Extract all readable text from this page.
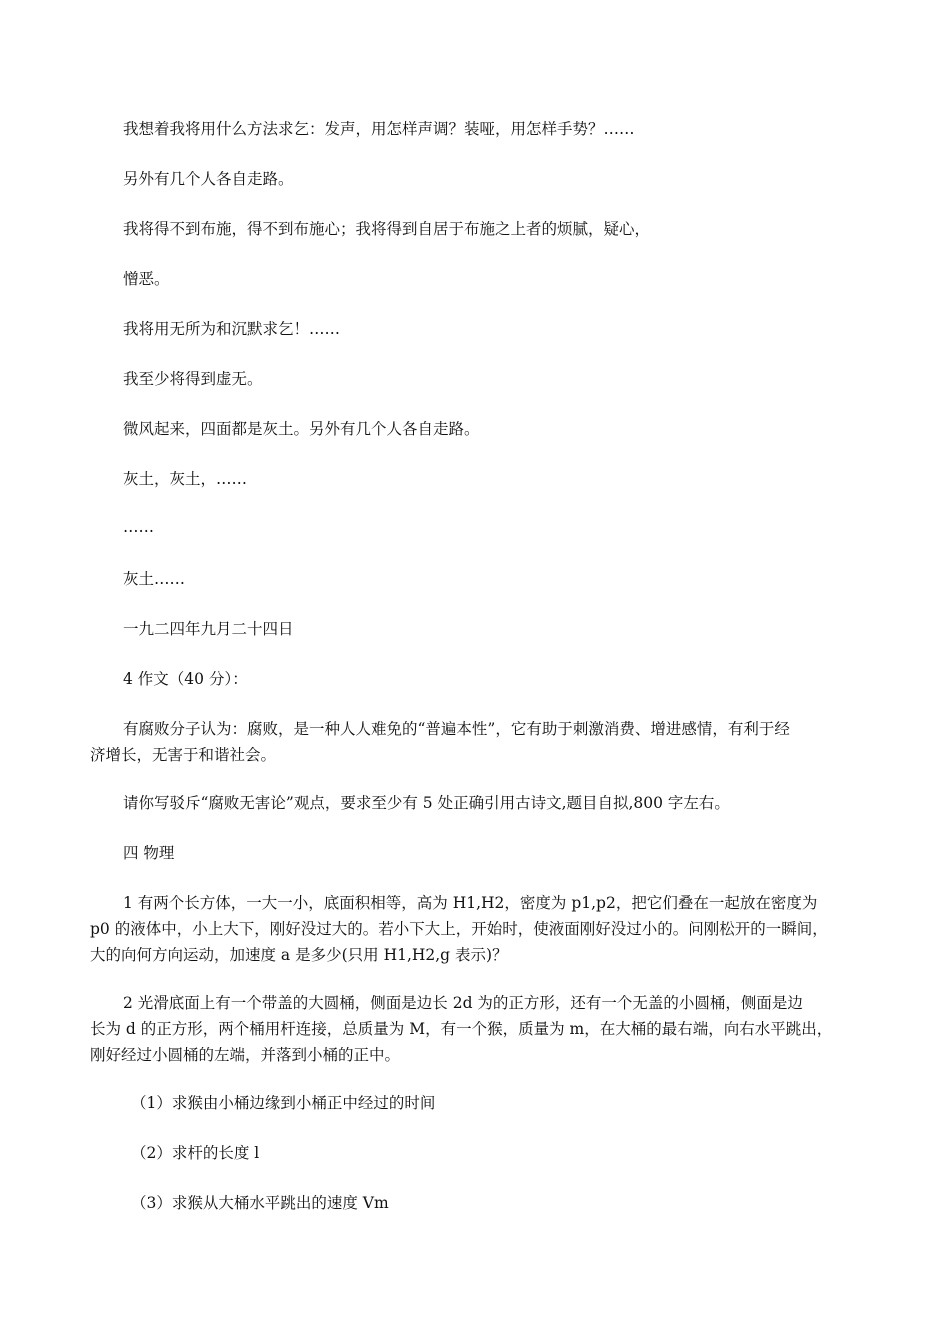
我想着我将用什么方法求乞：发声，用怎样声调？装哑，用怎样手势？……
另外有几个人各自走路。
我将得不到布施，得不到布施心；我将得到自居于布施之上者的烦腻，疑心，
憎恶。
我将用无所为和沉默求乞！……
我至少将得到虚无。
微风起来，四面都是灰土。另外有几个人各自走路。
灰土，灰土，……
……
灰土……
一九二四年九月二十四日
4 作文（40 分）：
有腐败分子认为：腐败，是一种人人难免的“普遍本性”，它有助于刺激消费、增进感情，有利于经
济增长，无害于和谐社会。
请你写驳斥“腐败无害论”观点，要求至少有 5 处正确引用古诗文,题目自拟,800 字左右。
四 物理
1 有两个长方体，一大一小，底面积相等，高为 H1,H2，密度为 p1,p2，把它们叠在一起放在密度为
p0 的液体中，小上大下，刚好没过大的。若小下大上，开始时，使液面刚好没过小的。问刚松开的一瞬间，
大的向何方向运动，加速度 a 是多少(只用 H1,H2,g 表示)？
2 光滑底面上有一个带盖的大圆桶，侧面是边长 2d 为的正方形，还有一个无盖的小圆桶，侧面是边
长为 d 的正方形，两个桶用杆连接，总质量为 M，有一个猴，质量为 m，在大桶的最右端，向右水平跳出，
刚好经过小圆桶的左端，并落到小桶的正中。
（1）求猴由小桶边缘到小桶正中经过的时间
（2）求杆的长度 l
（3）求猴从大桶水平跳出的速度 Vm
